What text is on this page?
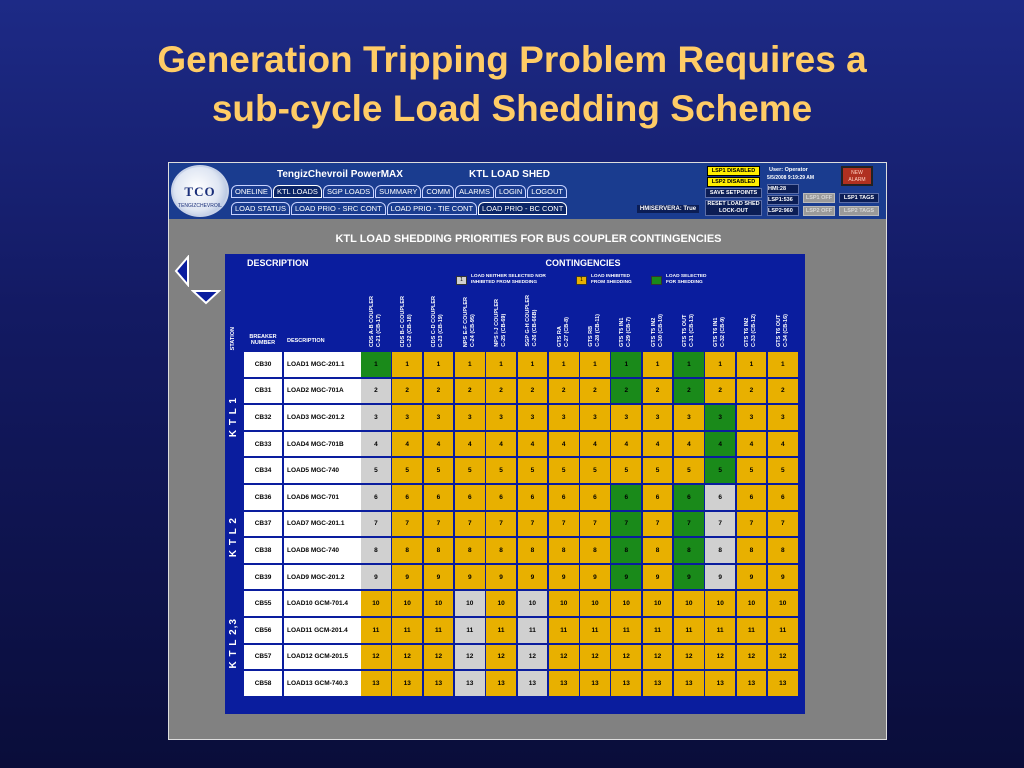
Generation Tripping Problem Requires a
sub-cycle Load Shedding Scheme
TCO
TENGIZCHEVROIL
TengizChevroil PowerMAX	KTL LOAD SHED
ONELINE	KTL LOADS	SGP LOADS	SUMMARY	COMM	ALARMS	LOGIN	LOGOUT
LOAD STATUS	LOAD PRIO - SRC CONT	LOAD PRIO - TIE CONT	LOAD PRIO - BC CONT
LSP1 DISABLED
LSP2 DISABLED
SAVE SETPOINTS
RESET LOAD SHED
LOCK-OUT
HMISERVERA: True
User: Operator
5/5/2008 9:19:29 AM
HMI:28
LSP1:536
LSP2:960
LSP1 OFF
LSP2 OFF
LSP1 TAGS
LSP2 TAGS
NEW ALARM
KTL LOAD SHEDDING PRIORITIES FOR BUS COUPLER CONTINGENCIES
DESCRIPTION	CONTINGENCIES
STATION	BREAKER NUMBER	DESCRIPTION
1
LOAD NEITHER SELECTED NOR
INHIBITED FROM SHEDDING	1
LOAD INHIBITED
FROM SHEDDING
LOAD SELECTED
FOR SHEDDING
CDS A-B COUPLER
C-21 (CB-17)	CDS B-C COUPLER
C-22 (CB-18)	CDS C-D COUPLER
C-23 (CB-19)	NPS E-F COUPLER
C-24 (CB-95)	NPS I-J COUPLER
C-25 (CB-69)	SGP G-H COUPLER
C-26 (CB-66B)	GTS RA
C-27 (CB-8)	GTS RB
C-28 (CB-11)	GTS T5 IN1
C-29 (CB-7)	GTS T5 IN2
C-30 (CB-10)	GTS T5 OUT
C-31 (CB-13)	GTS T6 IN1
C-32 (CB-9)	GTS T6 IN2
C-33 (CB-12)	GTS T6 OUT
C-34 (CB-16)
K T L 1
K T L 2
K T L 2,3
CB30	LOAD1 MGC-201.1	1	1	1	1	1	1	1	1	1	1	1	1	1	1
CB31	LOAD2 MGC-701A	2	2	2	2	2	2	2	2	2	2	2	2	2	2
CB32	LOAD3 MGC-201.2	3	3	3	3	3	3	3	3	3	3	3	3	3	3
CB33	LOAD4 MGC-701B	4	4	4	4	4	4	4	4	4	4	4	4	4	4
CB34	LOAD5 MGC-740	5	5	5	5	5	5	5	5	5	5	5	5	5	5
CB36	LOAD6 MGC-701	6	6	6	6	6	6	6	6	6	6	6	6	6	6
CB37	LOAD7 MGC-201.1	7	7	7	7	7	7	7	7	7	7	7	7	7	7
CB38	LOAD8 MGC-740	8	8	8	8	8	8	8	8	8	8	8	8	8	8
CB39	LOAD9 MGC-201.2	9	9	9	9	9	9	9	9	9	9	9	9	9	9
CB55	LOAD10 GCM-701.4	10	10	10	10	10	10	10	10	10	10	10	10	10	10
CB56	LOAD11 GCM-201.4	11	11	11	11	11	11	11	11	11	11	11	11	11	11
CB57	LOAD12 GCM-201.5	12	12	12	12	12	12	12	12	12	12	12	12	12	12
CB58	LOAD13 GCM-740.3	13	13	13	13	13	13	13	13	13	13	13	13	13	13
